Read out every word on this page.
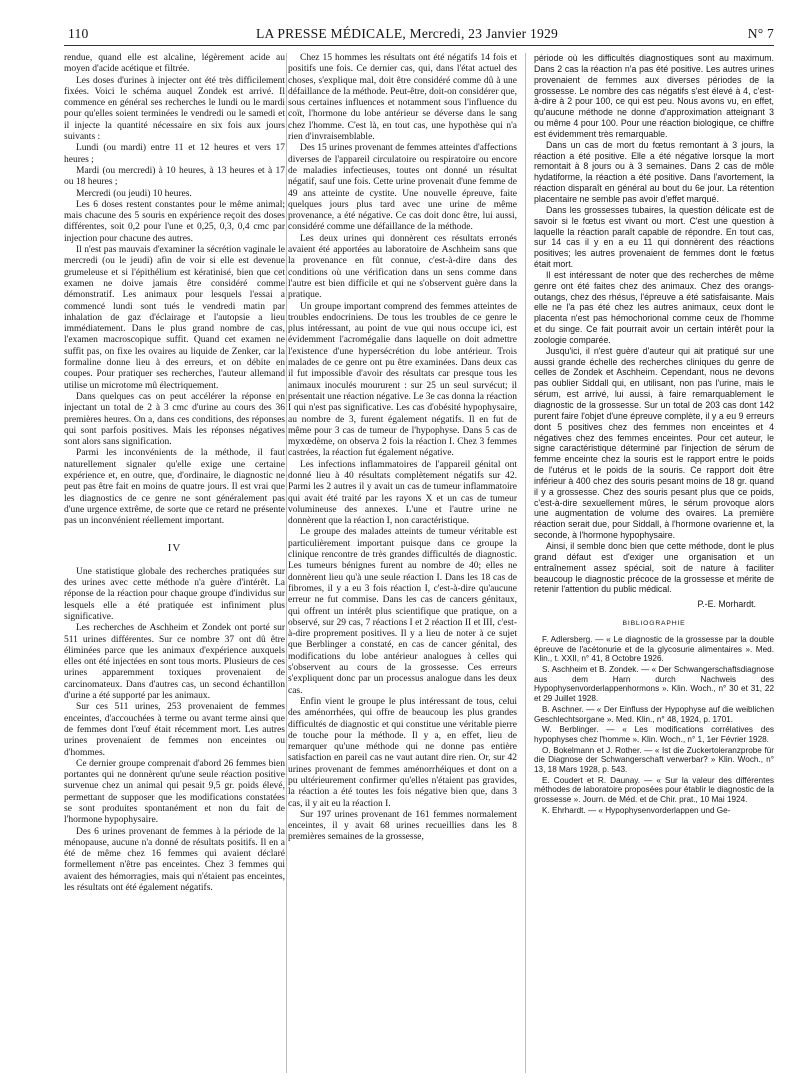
110	LA PRESSE MÉDICALE, Mercredi, 23 Janvier 1929	N° 7

rendue, quand elle est alcaline, légèrement acide au moyen d'acide acétique et filtrée.

Les doses d'urines à injecter ont été très difficilement fixées. Voici le schéma auquel Zondek est arrivé. Il commence en général ses recherches le lundi ou le mardi pour qu'elles soient terminées le vendredi ou le samedi et il injecte la quantité nécessaire en six fois aux jours suivants :

Lundi (ou mardi) entre 11 et 12 heures et vers 17 heures ;

Mardi (ou mercredi) à 10 heures, à 13 heures et à 17 ou 18 heures ;

Mercredi (ou jeudi) 10 heures.

Les 6 doses restent constantes pour le même animal; mais chacune des 5 souris en expérience reçoit des doses différentes, soit 0,2 pour l'une et 0,25, 0,3, 0,4 cmc par injection pour chacune des autres.

Il n'est pas mauvais d'examiner la sécrétion vaginale le mercredi (ou le jeudi) afin de voir si elle est devenue grumeleuse et si l'épithélium est kératinisé, bien que cet examen ne doive jamais être considéré comme démonstratif. Les animaux pour lesquels l'essai a commencé lundi sont tués le vendredi matin par inhalation de gaz d'éclairage et l'autopsie a lieu immédiatement. Dans le plus grand nombre de cas, l'examen macroscopique suffit. Quand cet examen ne suffit pas, on fixe les ovaires au liquide de Zenker, car la formaline donne lieu à des erreurs, et on débite en coupes. Pour pratiquer ses recherches, l'auteur allemand utilise un microtome mû électriquement.

Dans quelques cas on peut accélérer la réponse en injectant un total de 2 à 3 cmc d'urine au cours des 36 premières heures. On a, dans ces conditions, des réponses qui sont parfois positives. Mais les réponses négatives sont alors sans signification.

Parmi les inconvénients de la méthode, il faut naturellement signaler qu'elle exige une certaine expérience et, en outre, que, d'ordinaire, le diagnostic ne peut pas être fait en moins de quatre jours. Il est vrai que les diagnostics de ce genre ne sont généralement pas d'une urgence extrême, de sorte que ce retard ne présente pas un inconvénient réellement important.

IV

Une statistique globale des recherches pratiquées sur des urines avec cette méthode n'a guère d'intérêt. La réponse de la réaction pour chaque groupe d'individus sur lesquels elle a été pratiquée est infiniment plus significative.

Les recherches de Aschheim et Zondek ont porté sur 511 urines différentes. Sur ce nombre 37 ont dû être éliminées parce que les animaux d'expérience auxquels elles ont été injectées en sont tous morts. Plusieurs de ces urines apparemment toxiques provenaient de carcinomateux. Dans d'autres cas, un second échantillon d'urine a été supporté par les animaux.

Sur ces 511 urines, 253 provenaient de femmes enceintes, d'accouchées à terme ou avant terme ainsi que de femmes dont l'œuf était récemment mort. Les autres urines provenaient de femmes non enceintes ou d'hommes.

Ce dernier groupe comprenait d'abord 26 femmes bien portantes qui ne donnèrent qu'une seule réaction positive survenue chez un animal qui pesait 9,5 gr. poids élevé, permettant de supposer que les modifications constatées se sont produites spontanément et non du fait de l'hormone hypophysaire.

Des 6 urines provenant de femmes à la période de la ménopause, aucune n'a donné de résultats positifs. Il en a été de même chez 16 femmes qui avaient déclaré formellement n'être pas enceintes. Chez 3 femmes qui avaient des hémorragies, mais qui n'étaient pas enceintes, les résultats ont été également négatifs.

Chez 15 hommes les résultats ont été négatifs 14 fois et positifs une fois. Ce dernier cas, qui, dans l'état actuel des choses, s'explique mal, doit être considéré comme dû à une défaillance de la méthode. Peut-être, doit-on considérer que, sous certaines influences et notamment sous l'influence du coït, l'hormone du lobe antérieur se déverse dans le sang chez l'homme. C'est là, en tout cas, une hypothèse qui n'a rien d'invraisemblable.

Des 15 urines provenant de femmes atteintes d'affections diverses de l'appareil circulatoire ou respiratoire ou encore de maladies infectieuses, toutes ont donné un résultat négatif, sauf une fois. Cette urine provenait d'une femme de 49 ans atteinte de cystite. Une nouvelle épreuve, faite quelques jours plus tard avec une urine de même provenance, a été négative. Ce cas doit donc être, lui aussi, considéré comme une défaillance de la méthode.

Les deux urines qui donnèrent ces résultats erronés avaient été apportées au laboratoire de Aschheim sans que la provenance en fût connue, c'est-à-dire dans des conditions où une vérification dans un sens comme dans l'autre est bien difficile et qui ne s'observent guère dans la pratique.

Un groupe important comprend des femmes atteintes de troubles endocriniens. De tous les troubles de ce genre le plus intéressant, au point de vue qui nous occupe ici, est évidemment l'acromégalie dans laquelle on doit admettre l'existence d'une hypersécrétion du lobe antérieur. Trois malades de ce genre ont pu être examinées. Dans deux cas il fut impossible d'avoir des résultats car presque tous les animaux inoculés moururent : sur 25 un seul survécut; il présentait une réaction négative. Le 3e cas donna la réaction I qui n'est pas significative. Les cas d'obésité hypophysaire, au nombre de 3, furent également négatifs. Il en fut de même pour 3 cas de tumeur de l'hypophyse. Dans 5 cas de myxœdème, on observa 2 fois la réaction I. Chez 3 femmes castrées, la réaction fut également négative.

Les infections inflammatoires de l'appareil génital ont donné lieu à 40 résultats complètement négatifs sur 42. Parmi les 2 autres il y avait un cas de tumeur inflammatoire qui avait été traité par les rayons X et un cas de tumeur volumineuse des annexes. L'une et l'autre urine ne donnèrent que la réaction I, non caractéristique.

Le groupe des malades atteints de tumeur véritable est particulièrement important puisque dans ce groupe la clinique rencontre de très grandes difficultés de diagnostic. Les tumeurs bénignes furent au nombre de 40; elles ne donnèrent lieu qu'à une seule réaction I. Dans les 18 cas de fibromes, il y a eu 3 fois réaction I, c'est-à-dire qu'aucune erreur ne fut commise. Dans les cas de cancers génitaux, qui offrent un intérêt plus scientifique que pratique, on a observé, sur 29 cas, 7 réactions I et 2 réaction II et III, c'est-à-dire proprement positives. Il y a lieu de noter à ce sujet que Berblinger a constaté, en cas de cancer génital, des modifications du lobe antérieur analogues à celles qui s'observent au cours de la grossesse. Ces erreurs s'expliquent donc par un processus analogue dans les deux cas.

Enfin vient le groupe le plus intéressant de tous, celui des aménorrhées, qui offre de beaucoup les plus grandes difficultés de diagnostic et qui constitue une véritable pierre de touche pour la méthode. Il y a, en effet, lieu de remarquer qu'une méthode qui ne donne pas entière satisfaction en pareil cas ne vaut autant dire rien. Or, sur 42 urines provenant de femmes aménorrhéiques et dont on a pu ultérieurement confirmer qu'elles n'étaient pas gravides, la réaction a été toutes les fois négative bien que, dans 3 cas, il y ait eu la réaction I.

Sur 197 urines provenant de 161 femmes normalement enceintes, il y avait 68 urines recueillies dans les 8 premières semaines de la grossesse,

période où les difficultés diagnostiques sont au maximum. Dans 2 cas la réaction n'a pas été positive. Les autres urines provenaient de femmes aux diverses périodes de la grossesse. Le nombre des cas négatifs s'est élevé à 4, c'est-à-dire à 2 pour 100, ce qui est peu. Nous avons vu, en effet, qu'aucune méthode ne donne d'approximation atteignant 3 ou même 4 pour 100. Pour une réaction biologique, ce chiffre est évidemment très remarquable.

Dans un cas de mort du fœtus remontant à 3 jours, la réaction a été positive. Elle a été négative lorsque la mort remontait à 8 jours ou à 3 semaines. Dans 2 cas de môle hydatiforme, la réaction a été positive. Dans l'avortement, la réaction disparaît en général au bout du 6e jour. La rétention placentaire ne semble pas avoir d'effet marqué.

Dans les grossesses tubaires, la question délicate est de savoir si le fœtus est vivant ou mort. C'est une question à laquelle la réaction paraît capable de répondre. En tout cas, sur 14 cas il y en a eu 11 qui donnèrent des réactions positives; les autres provenaient de femmes dont le fœtus était mort.

Il est intéressant de noter que des recherches de même genre ont été faites chez des animaux. Chez des orangs-outangs, chez des rhésus, l'épreuve a été satisfaisante. Mais elle ne l'a pas été chez les autres animaux, ceux dont le placenta n'est pas hémochorional comme ceux de l'homme et du singe. Ce fait pourrait avoir un certain intérêt pour la zoologie comparée.

Jusqu'ici, il n'est guère d'auteur qui ait pratiqué sur une aussi grande échelle des recherches cliniques du genre de celles de Zondek et Aschheim. Cependant, nous ne devons pas oublier Siddall qui, en utilisant, non pas l'urine, mais le sérum, est arrivé, lui aussi, à faire remarquablement le diagnostic de la grossesse. Sur un total de 203 cas dont 142 purent faire l'objet d'une épreuve complète, il y a eu 9 erreurs dont 5 positives chez des femmes non enceintes et 4 négatives chez des femmes enceintes. Pour cet auteur, le signe caractéristique déterminé par l'injection de sérum de femme enceinte chez la souris est le rapport entre le poids de l'utérus et le poids de la souris. Ce rapport doit être inférieur à 400 chez des souris pesant moins de 18 gr. quand il y a grossesse. Chez des souris pesant plus que ce poids, c'est-à-dire sexuellement mûres, le sérum provoque alors une augmentation de volume des ovaires. La première réaction serait due, pour Siddall, à l'hormone ovarienne et, la seconde, à l'hormone hypophysaire.

Ainsi, il semble donc bien que cette méthode, dont le plus grand défaut est d'exiger une organisation et un entraînement assez spécial, soit de nature à faciliter beaucoup le diagnostic précoce de la grossesse et mérite de retenir l'attention du public médical.

P.-E. Morhardt.

BIBLIOGRAPHIE

F. Adlersberg. — « Le diagnostic de la grossesse par la double épreuve de l'acétonurie et de la glycosurie alimentaires ». Med. Klin., t. XXII, n° 41, 8 Octobre 1926.

S. Aschheim et B. Zondek. — « Der Schwangerschaftsdiagnose aus dem Harn durch Nachweis des Hypophysenvorderlappenhormons ». Klin. Woch., n° 30 et 31, 22 et 29 Juillet 1928.

B. Aschner. — « Der Einfluss der Hypophyse auf die weiblichen Geschlechtsorgane ». Med. Klin., n° 48, 1924, p. 1701.

W. Berblinger. — « Les modifications corrélatives des hypophyses chez l'homme ». Klin. Woch., n° 1, 1er Février 1928.

O. Bokelmann et J. Rother. — « Ist die Zuckertoleranzprobe für die Diagnose der Schwangerschaft verwerbar? » Klin. Woch., n° 13, 18 Mars 1928, p. 543.

E. Coudert et R. Daunay. — « Sur la valeur des différentes méthodes de laboratoire proposées pour établir le diagnostic de la grossesse ». Journ. de Méd. et de Chir. prat., 10 Mai 1924.

K. Ehrhardt. — « Hypophysenvorderlappen und Ge-
